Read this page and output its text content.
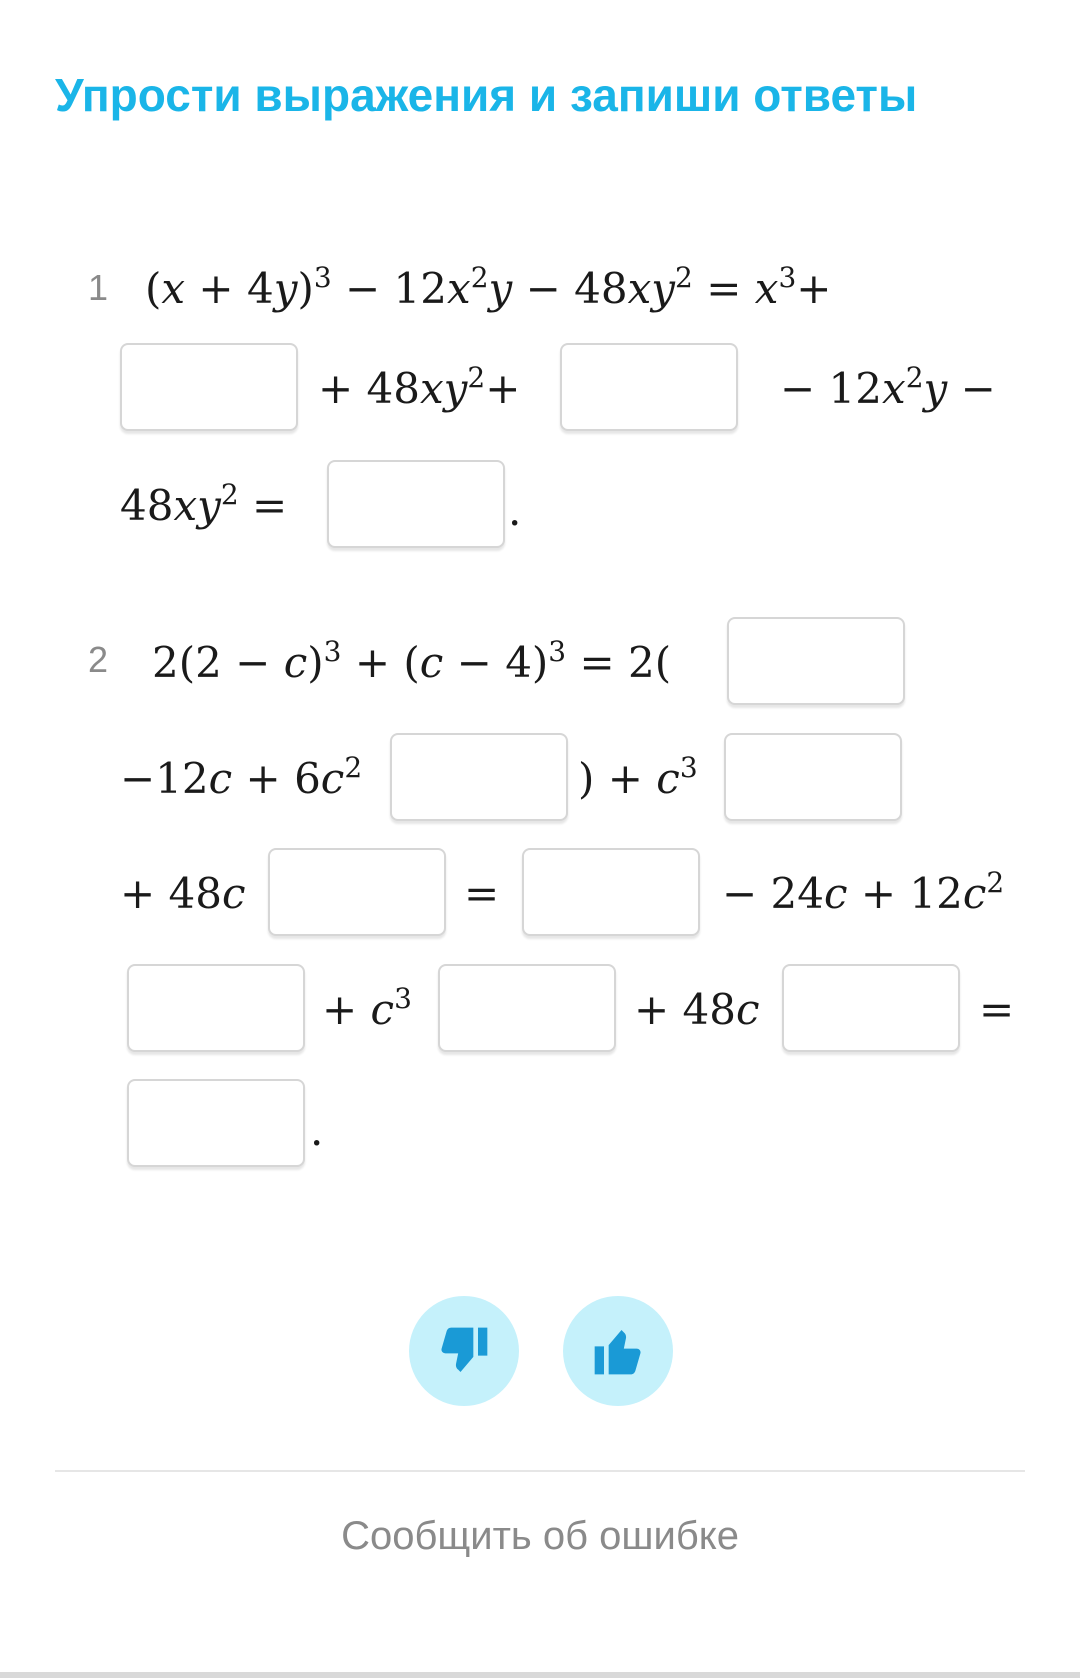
Упрости выражения и запиши ответы
1 $(x + 4y)^3 - 12x^2y - 48xy^2 = x^3+$
+ $48xy^2+$	− $12x^2y$ −
$48xy^2$ =	.
2 $2(2 - c)^3 + (c - 4)^3 = 2$(
$-12c + 6c^2$	) + $c^3$
+ 48c	=	− $24c + 12c^2$
+ $c^3$	+ 48c	=
.
Сообщить об ошибке
